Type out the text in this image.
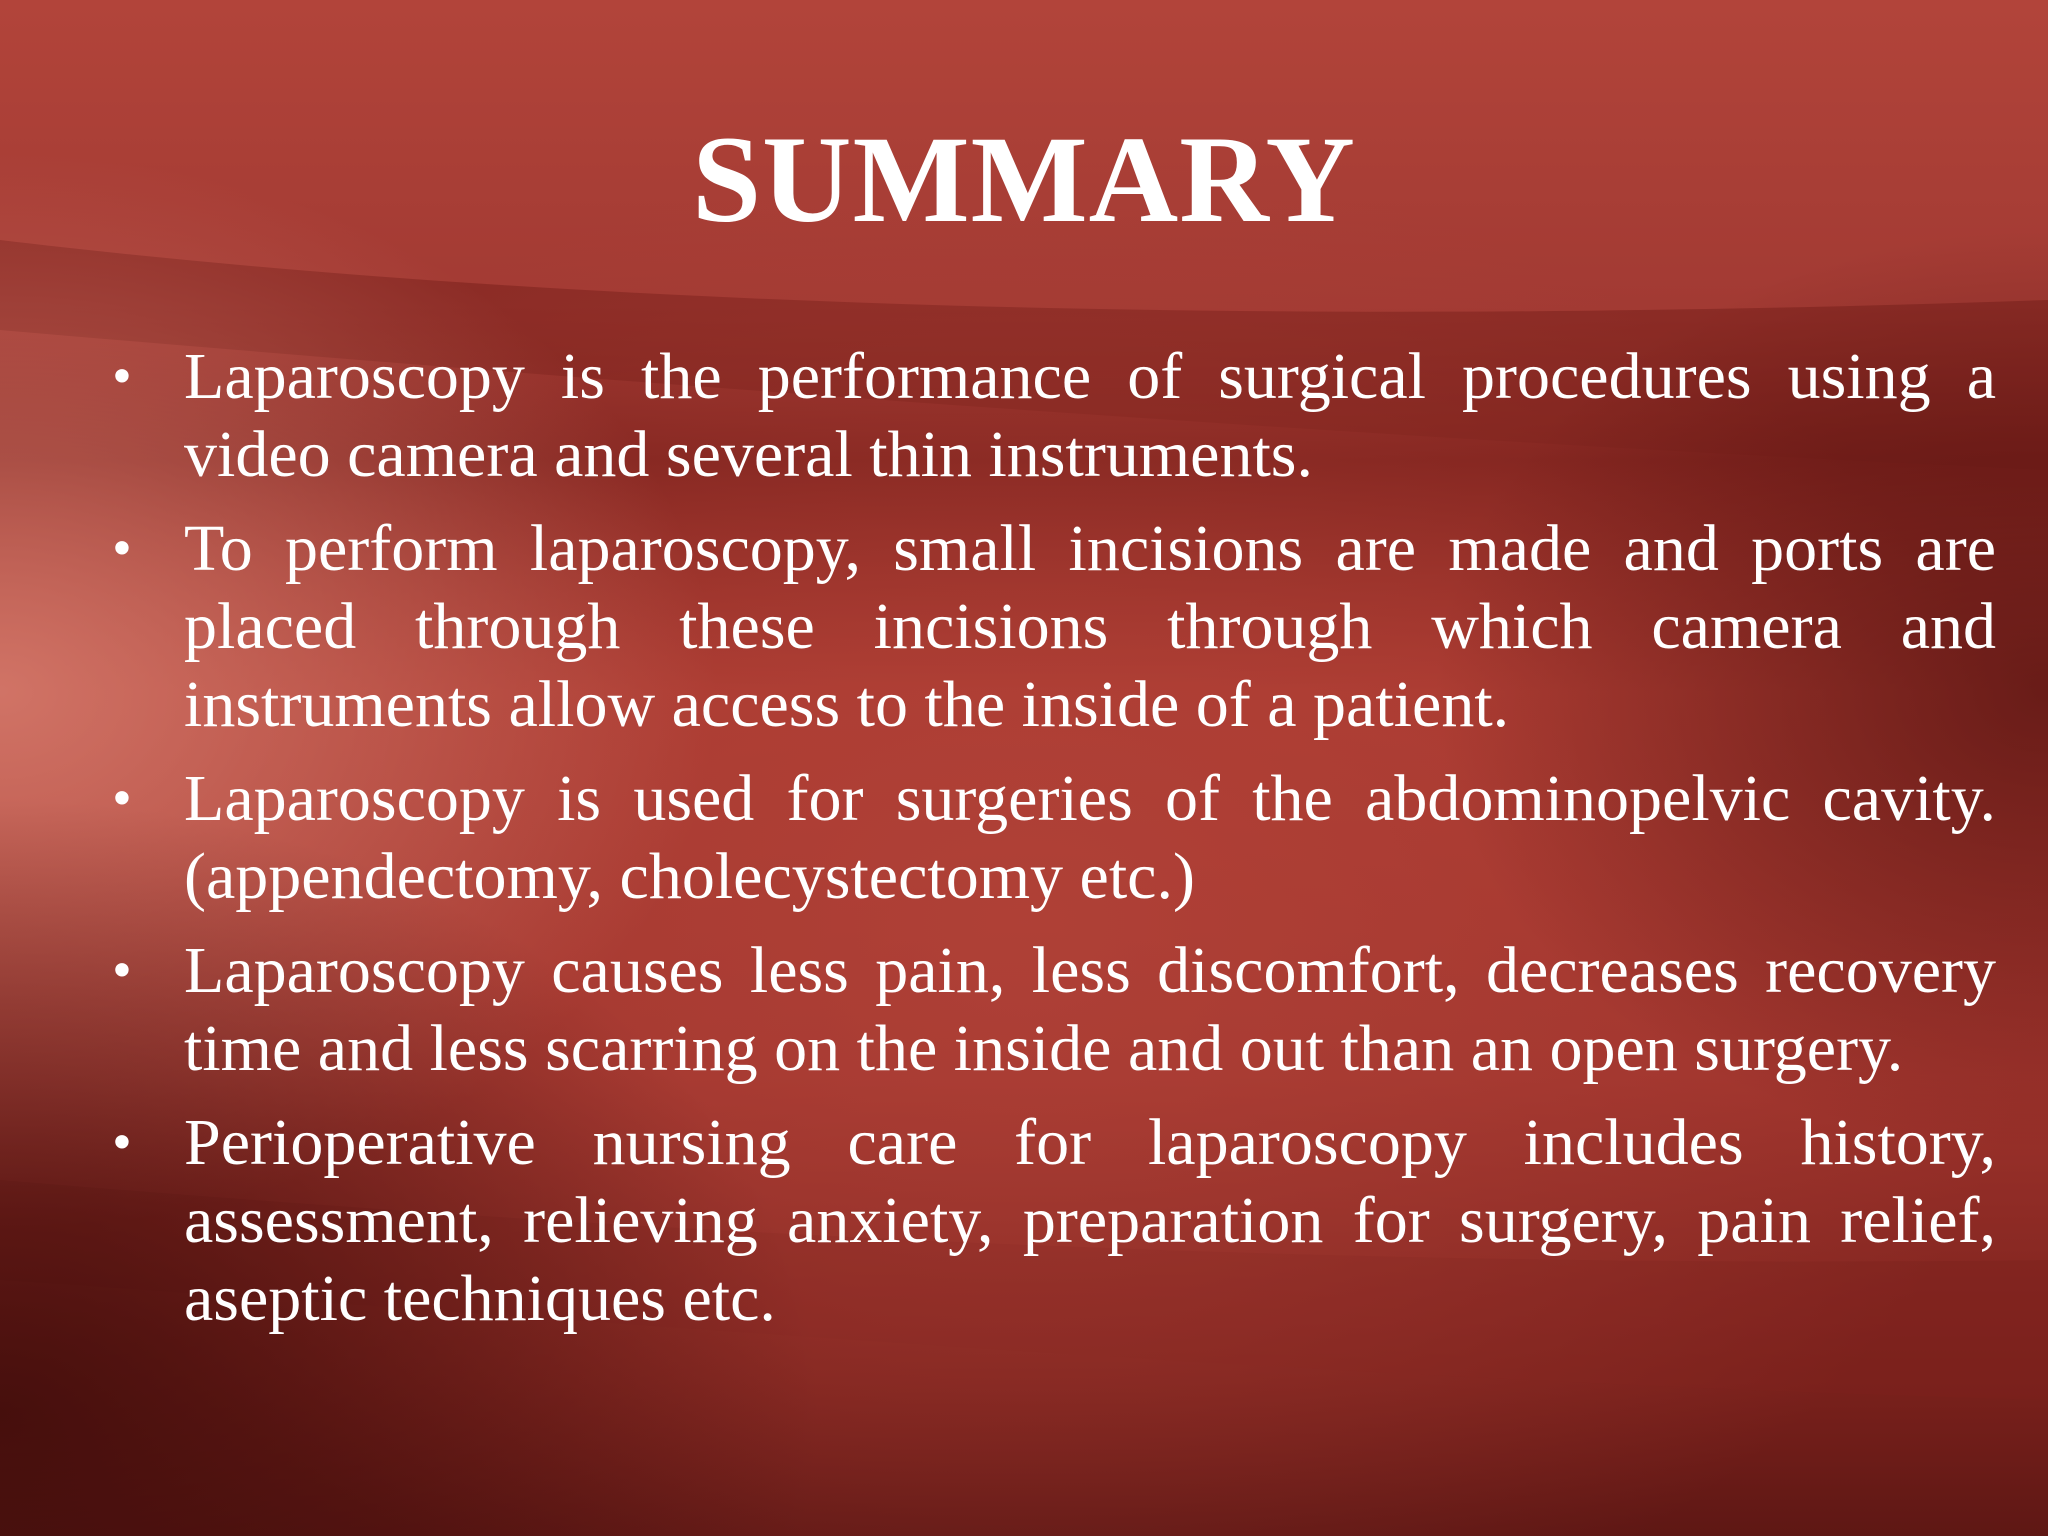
SUMMARY
• Laparoscopy is the performance of surgical procedures using a video camera and several thin instruments.
• To perform laparoscopy, small incisions are made and ports are placed through these incisions through which camera and instruments allow access to the inside of a patient.
• Laparoscopy is used for surgeries of the abdominopelvic cavity. (appendectomy, cholecystectomy etc.)
• Laparoscopy causes less pain, less discomfort, decreases recovery time and less scarring on the inside and out than an open surgery.
• Perioperative nursing care for laparoscopy includes history, assessment, relieving anxiety, preparation for surgery, pain relief, aseptic techniques etc.
